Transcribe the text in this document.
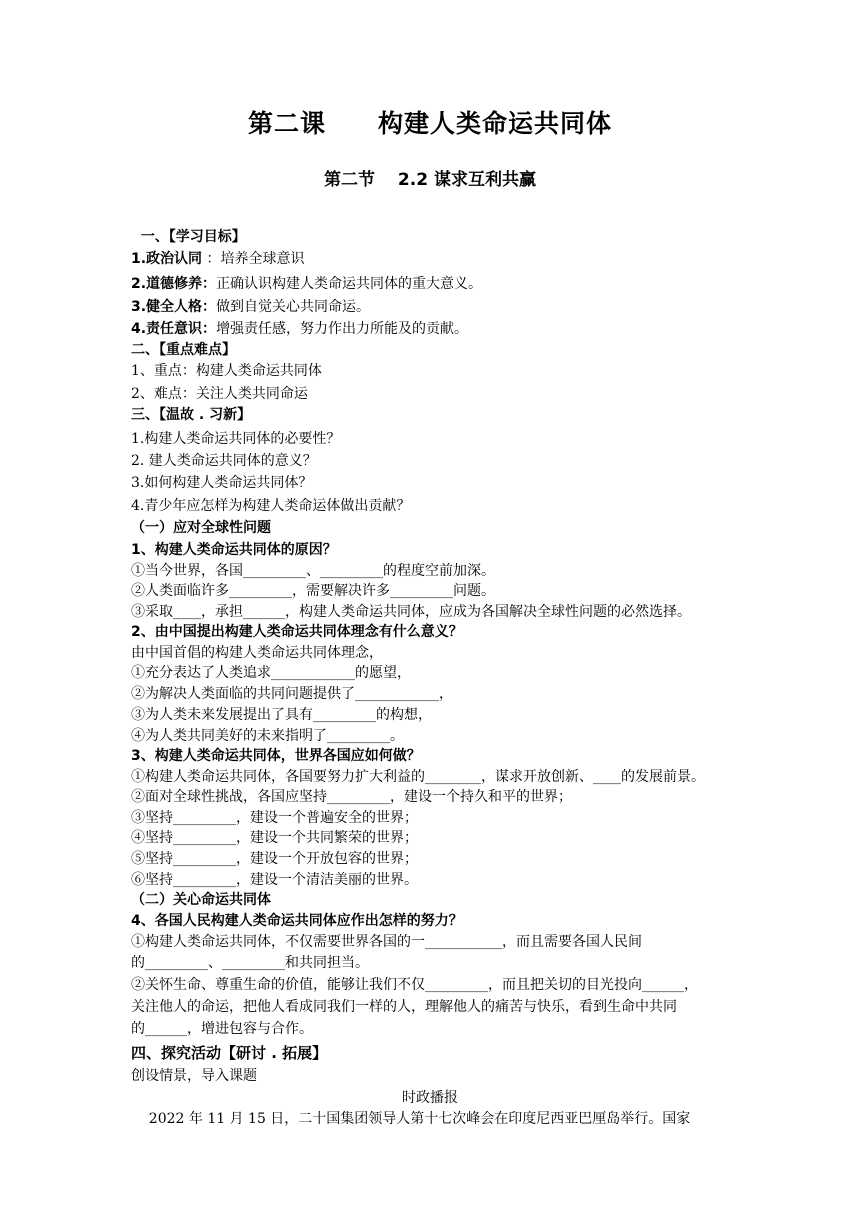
第二课　　构建人类命运共同体
第二节　 2.2 谋求互利共赢
一、【学习目标】
1.政治认同 ：培养全球意识
2.道德修养：正确认识构建人类命运共同体的重大意义。
3.健全人格：做到自觉关心共同命运。
4.责任意识：增强责任感，努力作出力所能及的贡献。
二、【重点难点】
1、重点：构建人类命运共同体
2、难点：关注人类共同命运
三、【温故 . 习新】
1.构建人类命运共同体的必要性？
2. 建人类命运共同体的意义？
3.如何构建人类命运共同体？
4.青少年应怎样为构建人类命运体做出贡献？
（一）应对全球性问题
1、构建人类命运共同体的原因？
①当今世界，各国_________、_________的程度空前加深。
②人类面临许多_________，需要解决许多_________问题。
③采取____，承担______，构建人类命运共同体，应成为各国解决全球性问题的必然选择。
2、由中国提出构建人类命运共同体理念有什么意义？
由中国首倡的构建人类命运共同体理念，
①充分表达了人类追求____________的愿望，
②为解决人类面临的共同问题提供了____________，
③为人类未来发展提出了具有_________的构想，
④为人类共同美好的未来指明了_________。
3、构建人类命运共同体，世界各国应如何做？
①构建人类命运共同体，各国要努力扩大利益的________，谋求开放创新、____的发展前景。
②面对全球性挑战，各国应坚持_________，建设一个持久和平的世界；
③坚持_________，建设一个普遍安全的世界；
④坚持_________，建设一个共同繁荣的世界；
⑤坚持_________，建设一个开放包容的世界；
⑥坚持_________，建设一个清洁美丽的世界。
（二）关心命运共同体
4、各国人民构建人类命运共同体应作出怎样的努力？
①构建人类命运共同体，不仅需要世界各国的一___________，而且需要各国人民间
的_________、_________和共同担当。
②关怀生命、尊重生命的价值，能够让我们不仅_________，而且把关切的目光投向______，
关注他人的命运，把他人看成同我们一样的人，理解他人的痛苦与快乐，看到生命中共同
的______，增进包容与合作。
四、探究活动【研讨 . 拓展】
创设情景，导入课题
时政播报
2022 年 11 月 15 日，二十国集团领导人第十七次峰会在印度尼西亚巴厘岛举行。国家
